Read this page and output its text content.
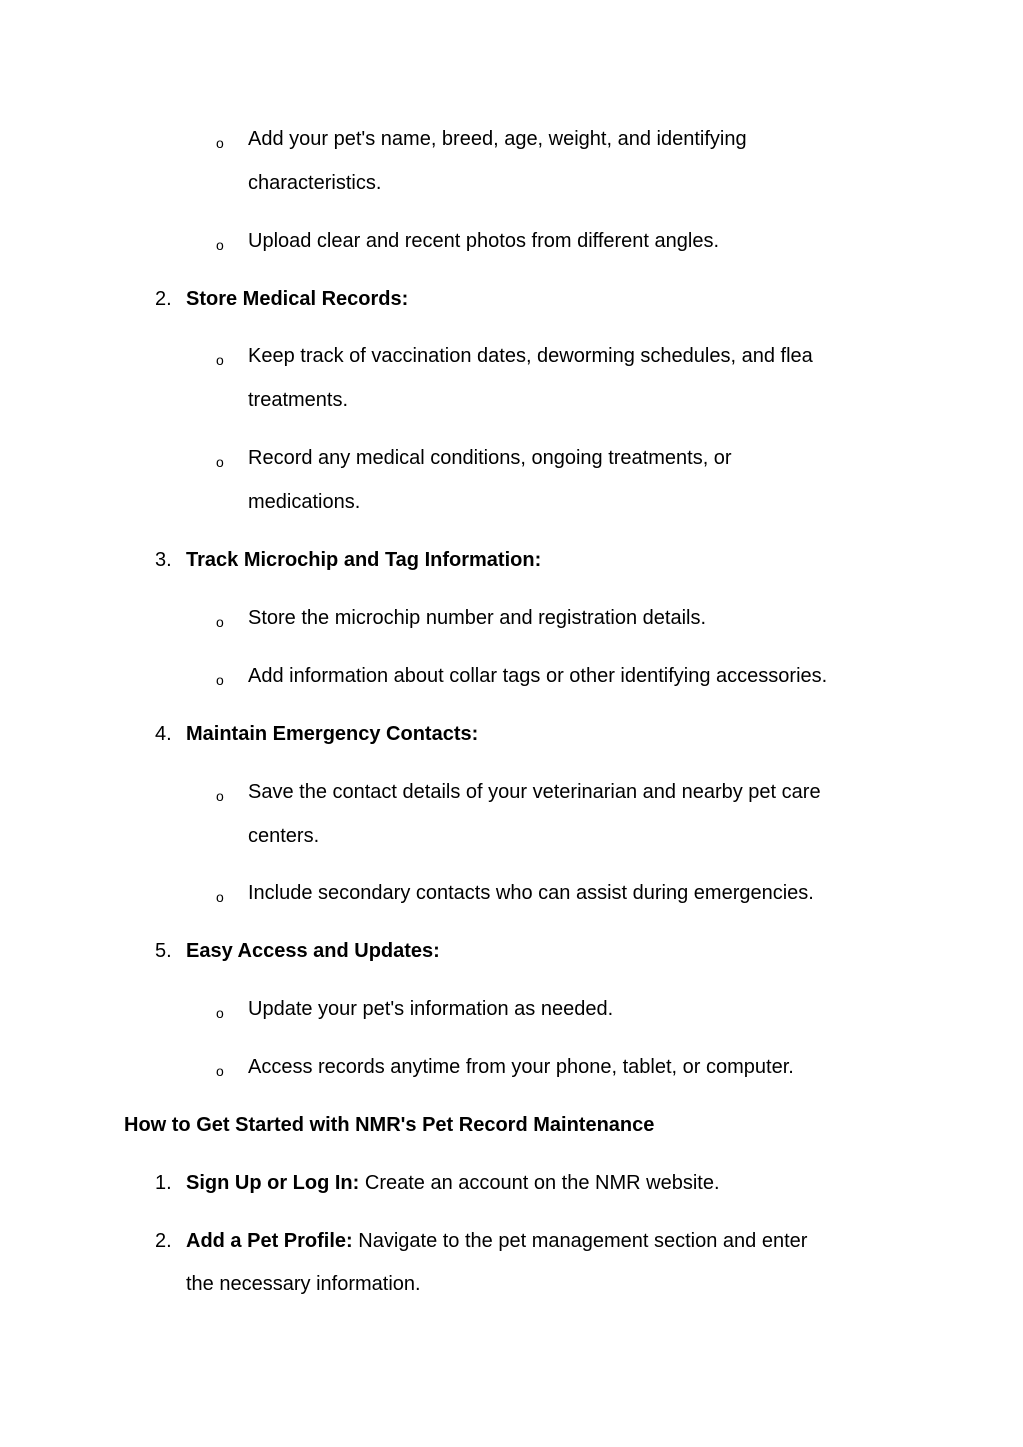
o Add your pet's name, breed, age, weight, and identifying
characteristics.
o Upload clear and recent photos from different angles.
2. Store Medical Records:
o Keep track of vaccination dates, deworming schedules, and flea
treatments.
o Record any medical conditions, ongoing treatments, or
medications.
3. Track Microchip and Tag Information:
o Store the microchip number and registration details.
o Add information about collar tags or other identifying accessories.
4. Maintain Emergency Contacts:
o Save the contact details of your veterinarian and nearby pet care
centers.
o Include secondary contacts who can assist during emergencies.
5. Easy Access and Updates:
o Update your pet's information as needed.
o Access records anytime from your phone, tablet, or computer.
How to Get Started with NMR's Pet Record Maintenance
1. Sign Up or Log In: Create an account on the NMR website.
2. Add a Pet Profile: Navigate to the pet management section and enter
the necessary information.
